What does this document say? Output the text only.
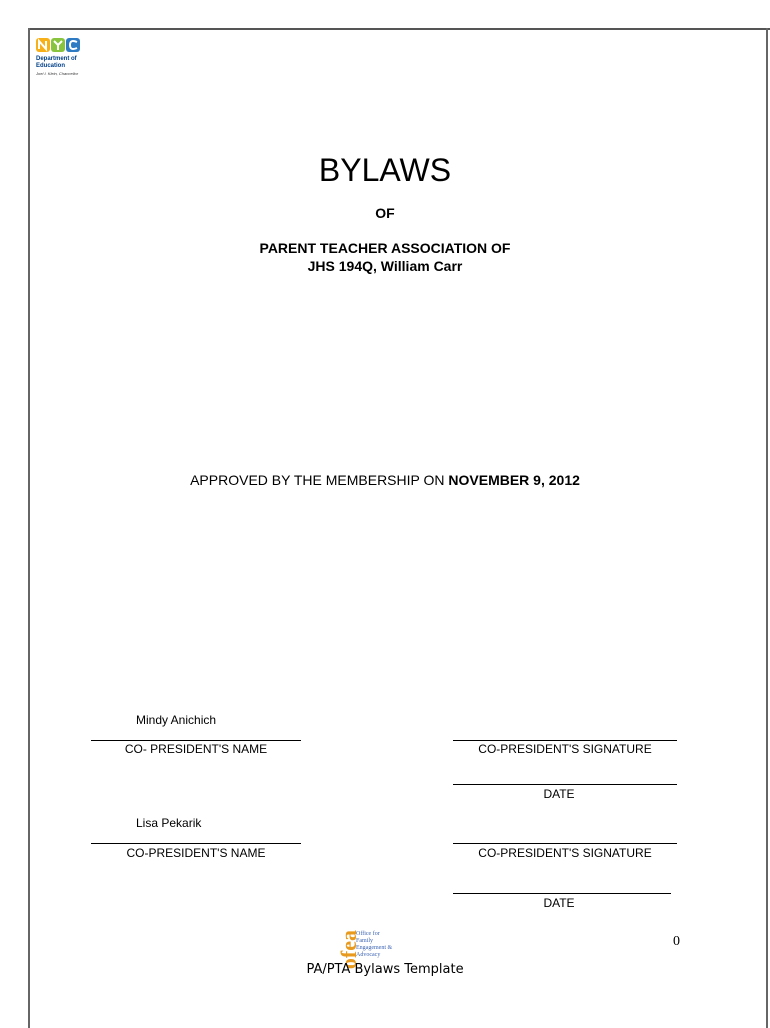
Department of
Education
Joel I. Klein, Chancellor
BYLAWS
OF
PARENT TEACHER ASSOCIATION OF
JHS 194Q, William Carr
APPROVED BY THE MEMBERSHIP ON NOVEMBER 9, 2012
Mindy Anichich
CO- PRESIDENT'S NAME	CO-PRESIDENT'S SIGNATURE
DATE
Lisa Pekarik
CO-PRESIDENT'S NAME	CO-PRESIDENT'S SIGNATURE
DATE
0
ofea
Office for
Family
Engagement &
Advocacy
PA/PTA Bylaws Template
